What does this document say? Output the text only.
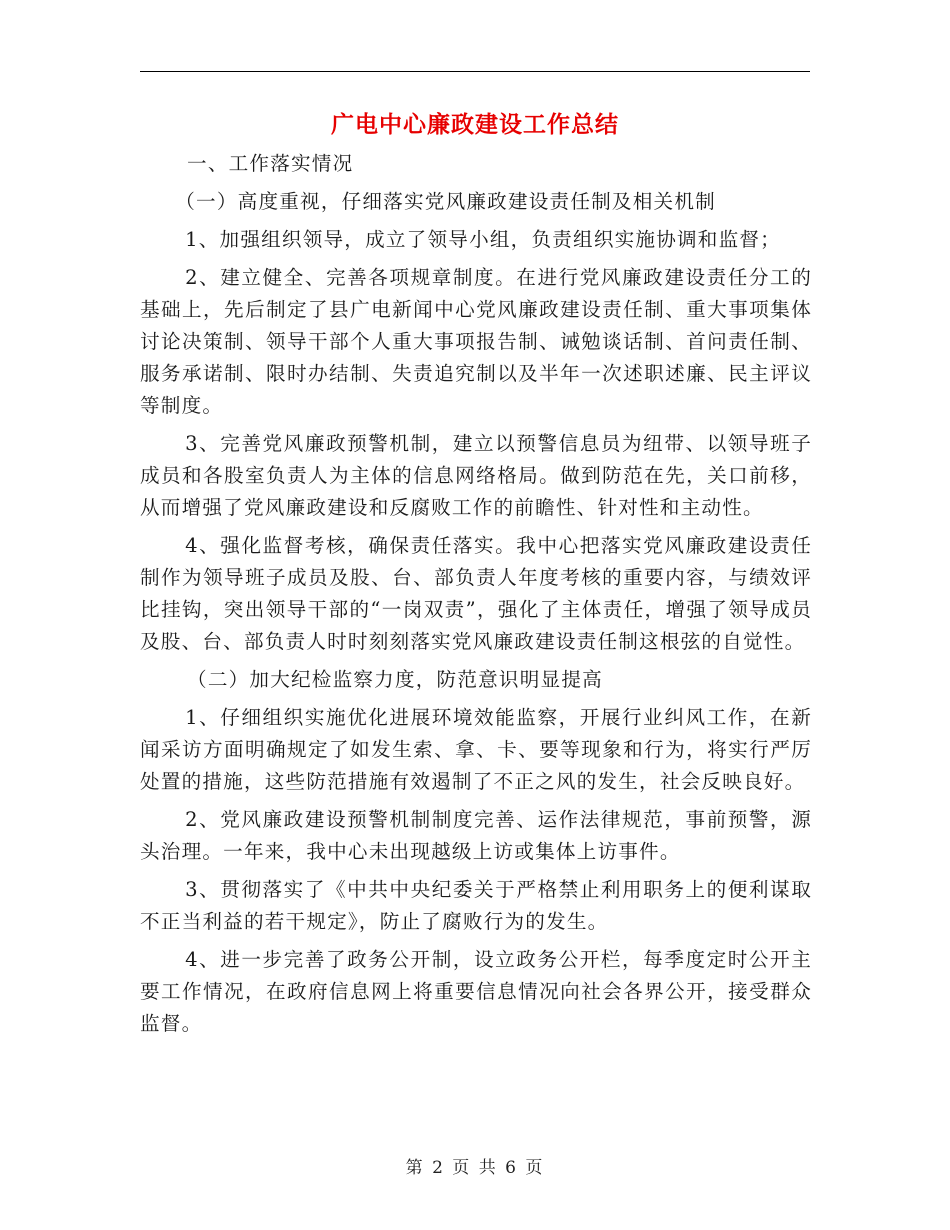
广电中心廉政建设工作总结

一、工作落实情况

（一）高度重视，仔细落实党风廉政建设责任制及相关机制

1、加强组织领导，成立了领导小组，负责组织实施协调和监督；

2、建立健全、完善各项规章制度。在进行党风廉政建设责任分工的基础上，先后制定了县广电新闻中心党风廉政建设责任制、重大事项集体讨论决策制、领导干部个人重大事项报告制、诫勉谈话制、首问责任制、服务承诺制、限时办结制、失责追究制以及半年一次述职述廉、民主评议等制度。

3、完善党风廉政预警机制，建立以预警信息员为纽带、以领导班子成员和各股室负责人为主体的信息网络格局。做到防范在先，关口前移，从而增强了党风廉政建设和反腐败工作的前瞻性、针对性和主动性。

4、强化监督考核，确保责任落实。我中心把落实党风廉政建设责任制作为领导班子成员及股、台、部负责人年度考核的重要内容，与绩效评比挂钩，突出领导干部的“一岗双责”，强化了主体责任，增强了领导成员及股、台、部负责人时时刻刻落实党风廉政建设责任制这根弦的自觉性。

（二）加大纪检监察力度，防范意识明显提高

1、仔细组织实施优化进展环境效能监察，开展行业纠风工作，在新闻采访方面明确规定了如发生索、拿、卡、要等现象和行为，将实行严厉处置的措施，这些防范措施有效遏制了不正之风的发生，社会反映良好。

2、党风廉政建设预警机制制度完善、运作法律规范，事前预警，源头治理。一年来，我中心未出现越级上访或集体上访事件。

3、贯彻落实了《中共中央纪委关于严格禁止利用职务上的便利谋取不正当利益的若干规定》，防止了腐败行为的发生。

4、进一步完善了政务公开制，设立政务公开栏，每季度定时公开主要工作情况，在政府信息网上将重要信息情况向社会各界公开，接受群众监督。

第 2 页 共 6 页
